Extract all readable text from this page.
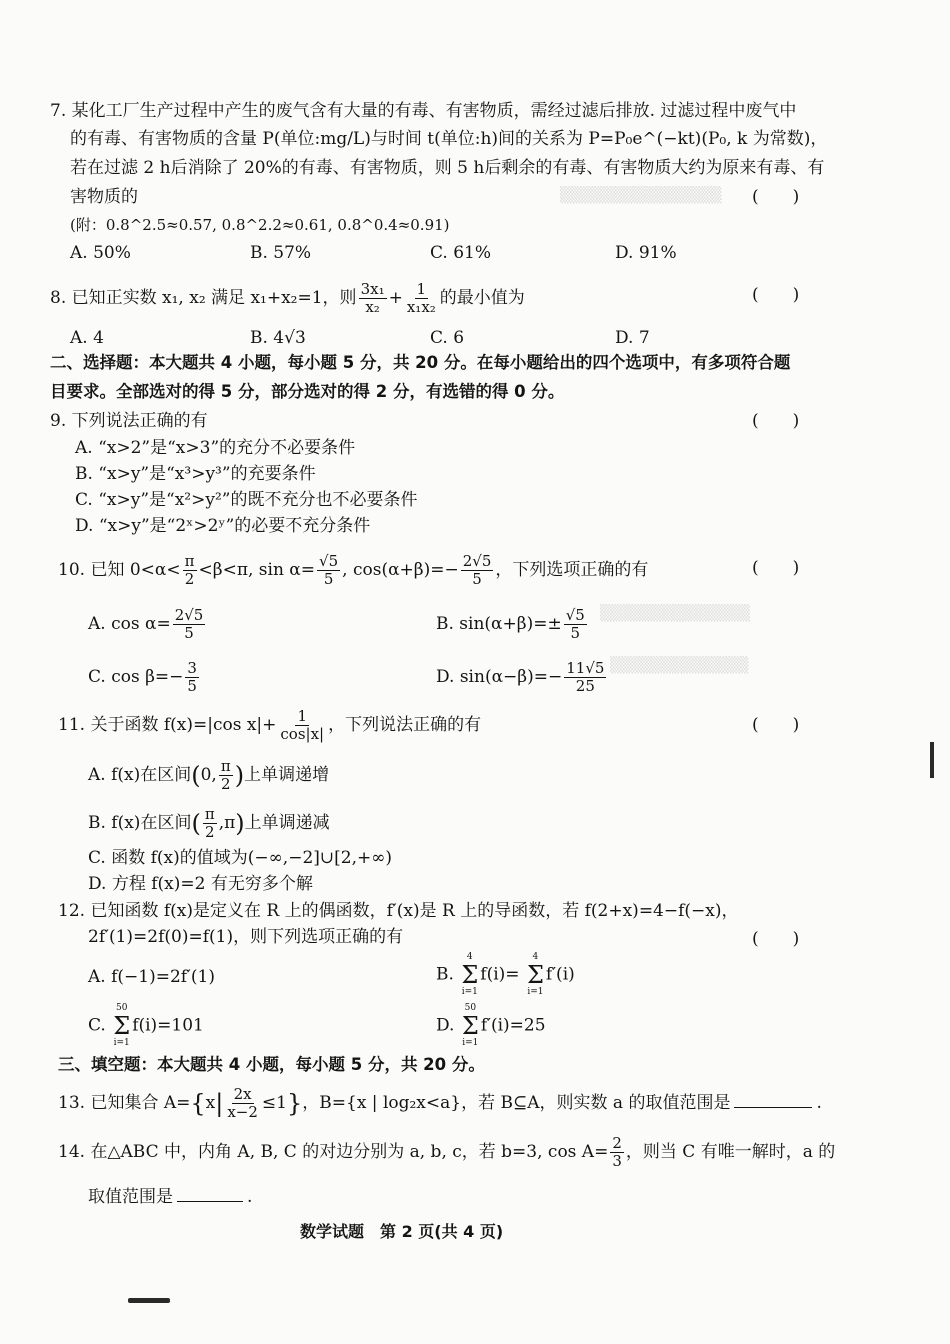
▒▒▒▒▒▒▒▒▒▒▒▒▒▒
▒▒▒▒▒▒▒▒▒▒▒▒▒
▒▒▒▒▒▒▒▒▒▒▒▒
7. 某化工厂生产过程中产生的废气含有大量的有毒、有害物质，需经过滤后排放. 过滤过程中废气中
的有毒、有害物质的含量 P(单位:mg/L)与时间 t(单位:h)间的关系为 P=P₀e^(−kt)(P₀, k 为常数)，
若在过滤 2 h后消除了 20%的有毒、有害物质，则 5 h后剩余的有毒、有害物质大约为原来有毒、有
害物质的	(　　)
(附：0.8^2.5≈0.57, 0.8^2.2≈0.61, 0.8^0.4≈0.91)
A. 50%	B. 57%	C. 61%	D. 91%
8. 已知正实数 x₁, x₂ 满足 x₁+x₂=1，则 $\frac{\text{3x₁}}{\text{x₂}} + \frac{1}{\text{x₁x₂}}$ 的最小值为	(　　)
A. 4	B. 4√3	C. 6	D. 7
二、选择题：本大题共 4 小题，每小题 5 分，共 20 分。在每小题给出的四个选项中，有多项符合题
目要求。全部选对的得 5 分，部分选对的得 2 分，有选错的得 0 分。
9. 下列说法正确的有	(　　)
A. “x>2”是“x>3”的充分不必要条件
B. “x>y”是“x³>y³”的充要条件
C. “x>y”是“x²>y²”的既不充分也不必要条件
D. “x>y”是“2ˣ>2ʸ”的必要不充分条件
10. 已知 $0<\alpha< \frac{\pi}{2} <\beta<\pi$, $\sin \alpha= \frac{√5}{5}$ , $\cos(\alpha+\beta)=- \frac{2√5}{5}$ ，下列选项正确的有	(　　)
A. $\cos \alpha= \frac{2√5}{5}$	B. $\sin(\alpha+\beta)=\pm \frac{√5}{5}$
C. $\cos \beta=- \frac{3}{5}$	D. $\sin(\alpha-\beta)=- \frac{11√5}{25}$
11. 关于函数 f(x)=|cos $x|+ \frac{1}{\cos|x|}$ ，下列说法正确的有	(　　)
A. f(x)在区间(0, $\frac{\pi}{2}$ )上单调递增
B. f(x)在区间( $\frac{\pi}{2} ,\pi$)上单调递减
C. 函数 f(x)的值域为(−∞,−2]∪[2,+∞)
D. 方程 f(x)=2 有无穷多个解
12. 已知函数 f(x)是定义在 R 上的偶函数，f′(x)是 R 上的导函数，若 f(2+x)=4−f(−x)，
2f′(1)=2f(0)=f(1)，则下列选项正确的有	(　　)
A. f(−1)=2f′(1)	B.
4
Σ
i=1
f(i)=
4
Σ
i=1
f′(i)
C.
50
Σ
i=1
f(i)=101	D.
50
Σ
i=1
f′(i)=25
三、填空题：本大题共 4 小题，每小题 5 分，共 20 分。
13. 已知集合 $A=\{x| \frac{2x}{x-2} \le 1\}$，B={x | log₂x<a}，若 B⊆A，则实数 a 的取值范围是	.
14. 在△ABC 中，内角 A, B, C 的对边分别为 a, b, c，若 b=3, $\cos A= \frac{2}{3}$ ，则当 C 有唯一解时，a 的
取值范围是	.
数学试题　第 2 页(共 4 页)
